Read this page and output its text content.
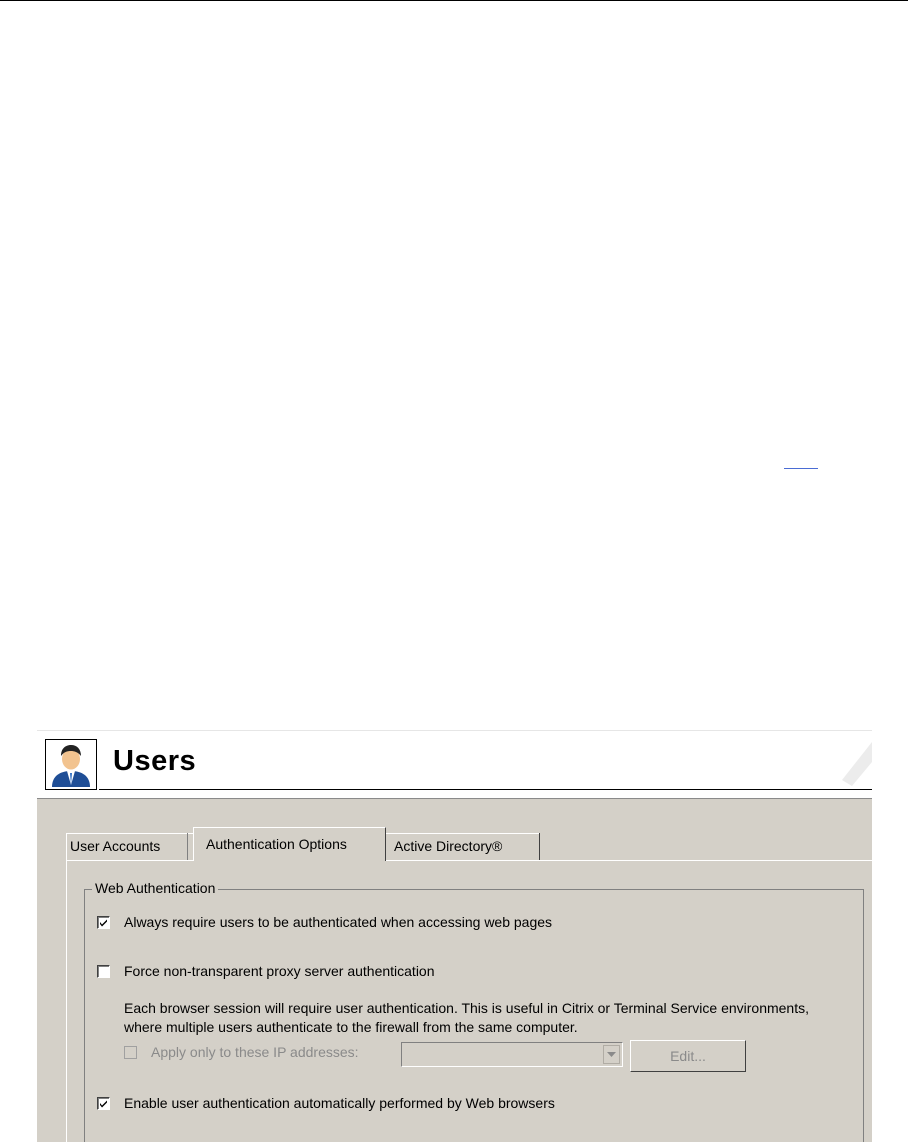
Users
User Accounts	Authentication Options	Active Directory®
Web Authentication
Always require users to be authenticated when accessing web pages
Force non-transparent proxy server authentication
Each browser session will require user authentication. This is useful in Citrix or Terminal Service environments, where multiple users authenticate to the firewall from the same computer.
Apply only to these IP addresses:	Edit...
Enable user authentication automatically performed by Web browsers
